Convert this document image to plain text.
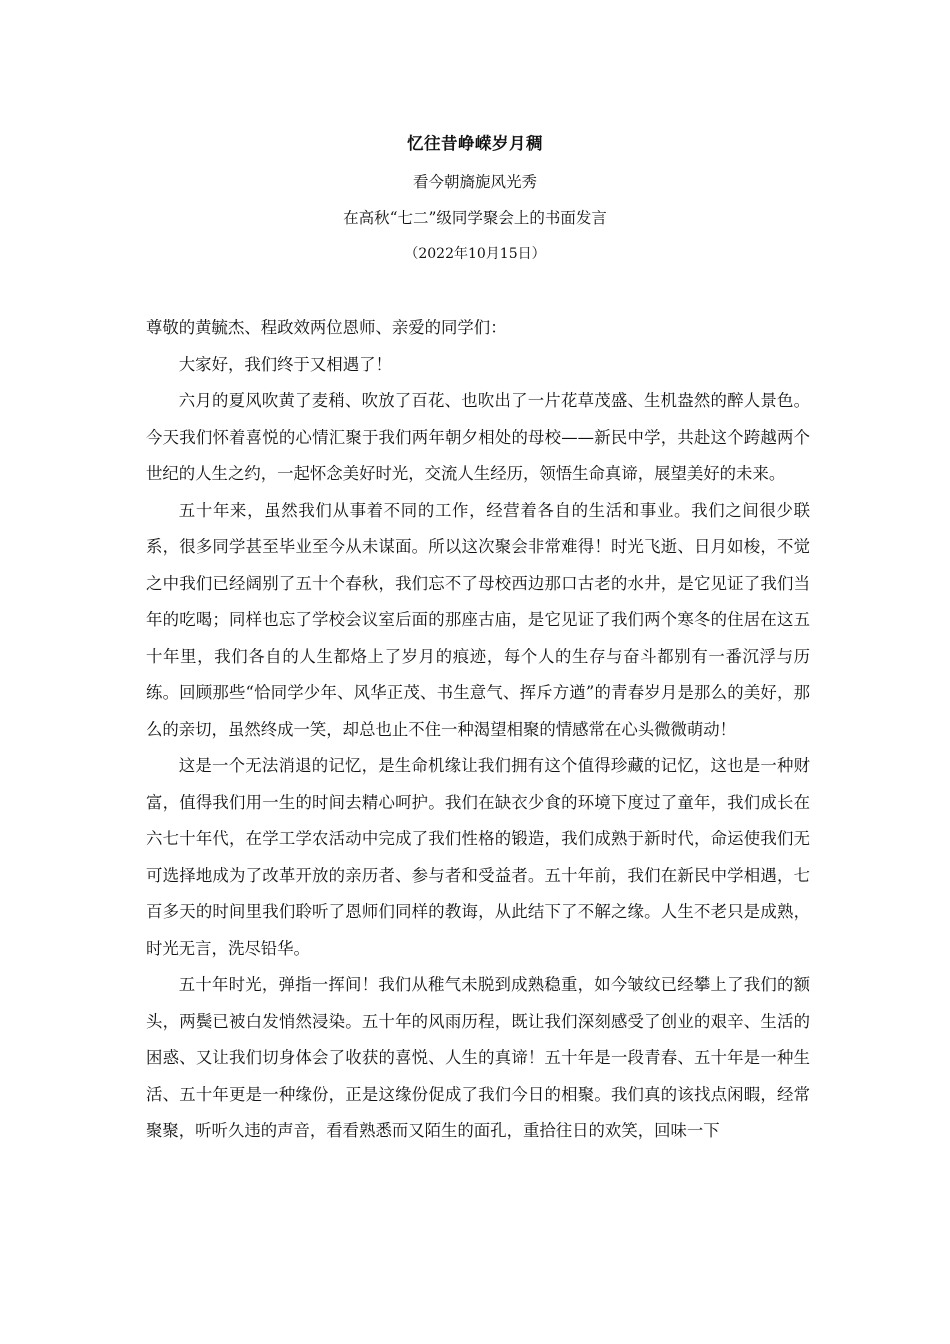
忆往昔峥嵘岁月稠
看今朝旖旎风光秀
在高秋“七二”级同学聚会上的书面发言
（2022年10月15日）

尊敬的黄毓杰、程政效两位恩师、亲爱的同学们：

大家好，我们终于又相遇了！

六月的夏风吹黄了麦稍、吹放了百花、也吹出了一片花草茂盛、生机盎然的醉人景色。今天我们怀着喜悦的心情汇聚于我们两年朝夕相处的母校——新民中学，共赴这个跨越两个世纪的人生之约，一起怀念美好时光，交流人生经历，领悟生命真谛，展望美好的未来。

五十年来，虽然我们从事着不同的工作，经营着各自的生活和事业。我们之间很少联系，很多同学甚至毕业至今从未谋面。所以这次聚会非常难得！时光飞逝、日月如梭，不觉之中我们已经阔别了五十个春秋，我们忘不了母校西边那口古老的水井，是它见证了我们当年的吃喝；同样也忘了学校会议室后面的那座古庙，是它见证了我们两个寒冬的住居在这五十年里，我们各自的人生都烙上了岁月的痕迹，每个人的生存与奋斗都别有一番沉浮与历练。回顾那些“恰同学少年、风华正茂、书生意气、挥斥方遒”的青春岁月是那么的美好，那么的亲切，虽然终成一笑，却总也止不住一种渴望相聚的情感常在心头微微萌动！

这是一个无法消退的记忆，是生命机缘让我们拥有这个值得珍藏的记忆，这也是一种财富，值得我们用一生的时间去精心呵护。我们在缺衣少食的环境下度过了童年，我们成长在六七十年代，在学工学农活动中完成了我们性格的锻造，我们成熟于新时代，命运使我们无可选择地成为了改革开放的亲历者、参与者和受益者。五十年前，我们在新民中学相遇，七百多天的时间里我们聆听了恩师们同样的教诲，从此结下了不解之缘。人生不老只是成熟，时光无言，洗尽铅华。

五十年时光，弹指一挥间！我们从稚气未脱到成熟稳重，如今皱纹已经攀上了我们的额头，两鬓已被白发悄然浸染。五十年的风雨历程，既让我们深刻感受了创业的艰辛、生活的困惑、又让我们切身体会了收获的喜悦、人生的真谛！五十年是一段青春、五十年是一种生活、五十年更是一种缘份，正是这缘份促成了我们今日的相聚。我们真的该找点闲暇，经常聚聚，听听久违的声音，看看熟悉而又陌生的面孔，重拾往日的欢笑，回味一下
